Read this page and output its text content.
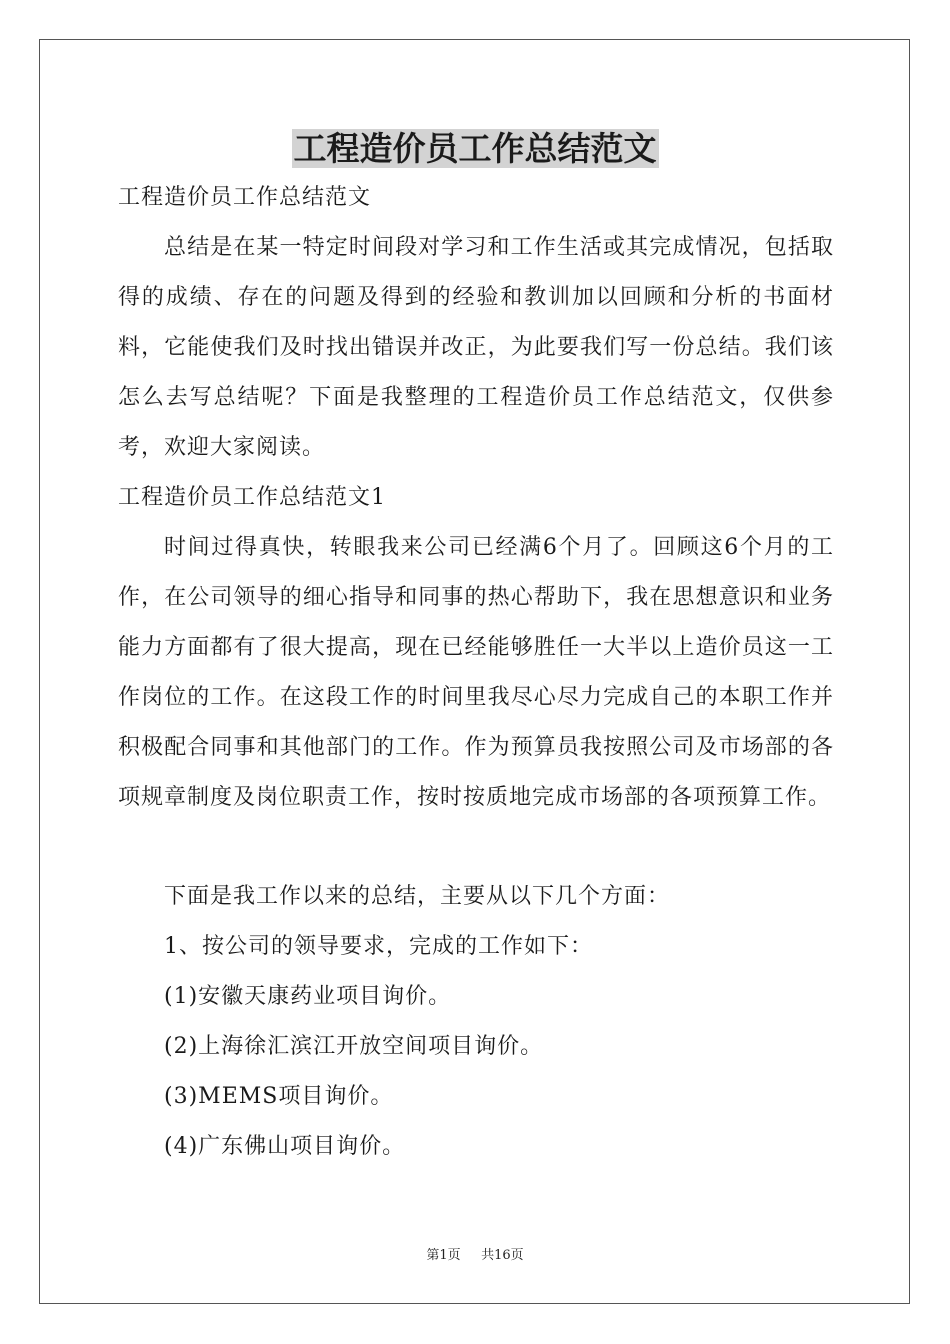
工程造价员工作总结范文

工程造价员工作总结范文

总结是在某一特定时间段对学习和工作生活或其完成情况，包括取得的成绩、存在的问题及得到的经验和教训加以回顾和分析的书面材料，它能使我们及时找出错误并改正，为此要我们写一份总结。我们该怎么去写总结呢？下面是我整理的工程造价员工作总结范文，仅供参考，欢迎大家阅读。

工程造价员工作总结范文1

时间过得真快，转眼我来公司已经满6个月了。回顾这6个月的工作，在公司领导的细心指导和同事的热心帮助下，我在思想意识和业务能力方面都有了很大提高，现在已经能够胜任一大半以上造价员这一工作岗位的工作。在这段工作的时间里我尽心尽力完成自己的本职工作并积极配合同事和其他部门的工作。作为预算员我按照公司及市场部的各项规章制度及岗位职责工作，按时按质地完成市场部的各项预算工作。

下面是我工作以来的总结，主要从以下几个方面：

1、按公司的领导要求，完成的工作如下：

(1)安徽天康药业项目询价。

(2)上海徐汇滨江开放空间项目询价。

(3)MEMS项目询价。

(4)广东佛山项目询价。

第1页 共16页
